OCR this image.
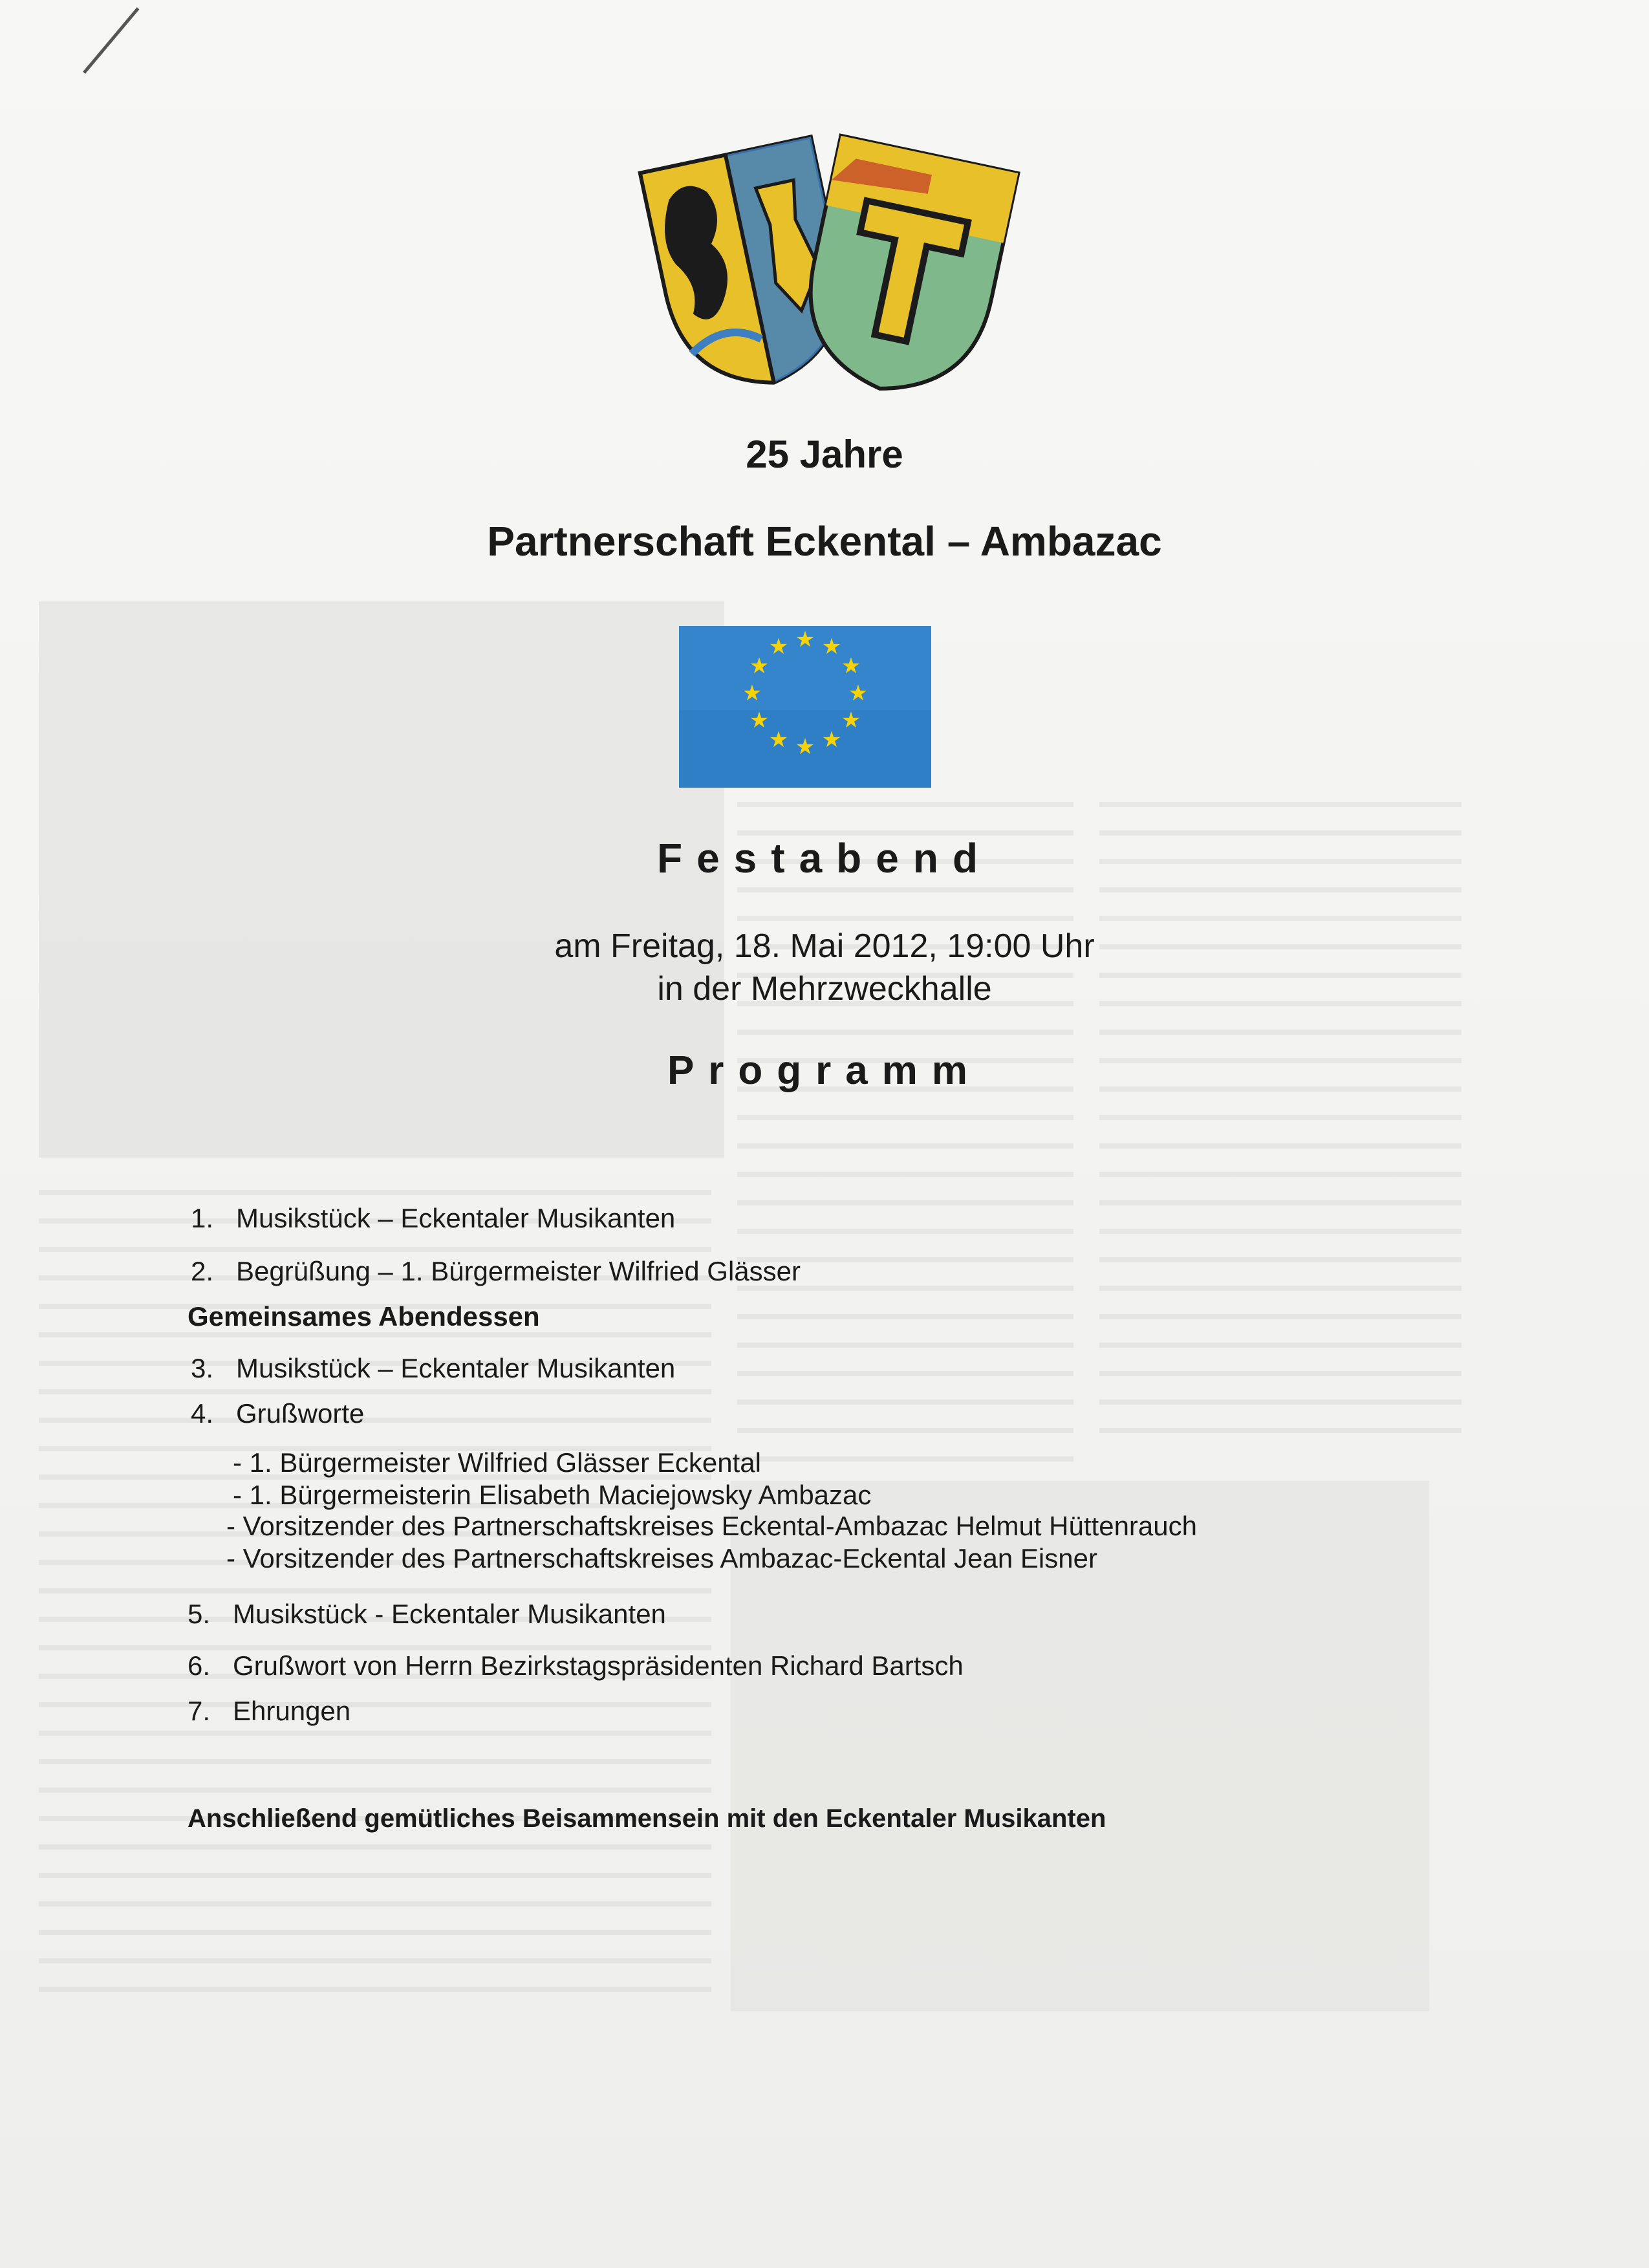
25 Jahre
Partnerschaft Eckental – Ambazac
★ ★
★
★
★
★
★
★
★
★
★
★
Festabend
am Freitag, 18. Mai 2012, 19:00 Uhr
in der Mehrzweckhalle
Programm
1. Musikstück – Eckentaler Musikanten
2. Begrüßung – 1. Bürgermeister Wilfried Glässer
Gemeinsames Abendessen
3. Musikstück – Eckentaler Musikanten
4. Grußworte
- 1. Bürgermeister Wilfried Glässer Eckental
- 1. Bürgermeisterin Elisabeth Maciejowsky Ambazac
- Vorsitzender des Partnerschaftskreises Eckental-Ambazac Helmut Hüttenrauch
- Vorsitzender des Partnerschaftskreises Ambazac-Eckental Jean Eisner
5. Musikstück - Eckentaler Musikanten
6. Grußwort von Herrn Bezirkstagspräsidenten Richard Bartsch
7. Ehrungen
Anschließend gemütliches Beisammensein mit den Eckentaler Musikanten
